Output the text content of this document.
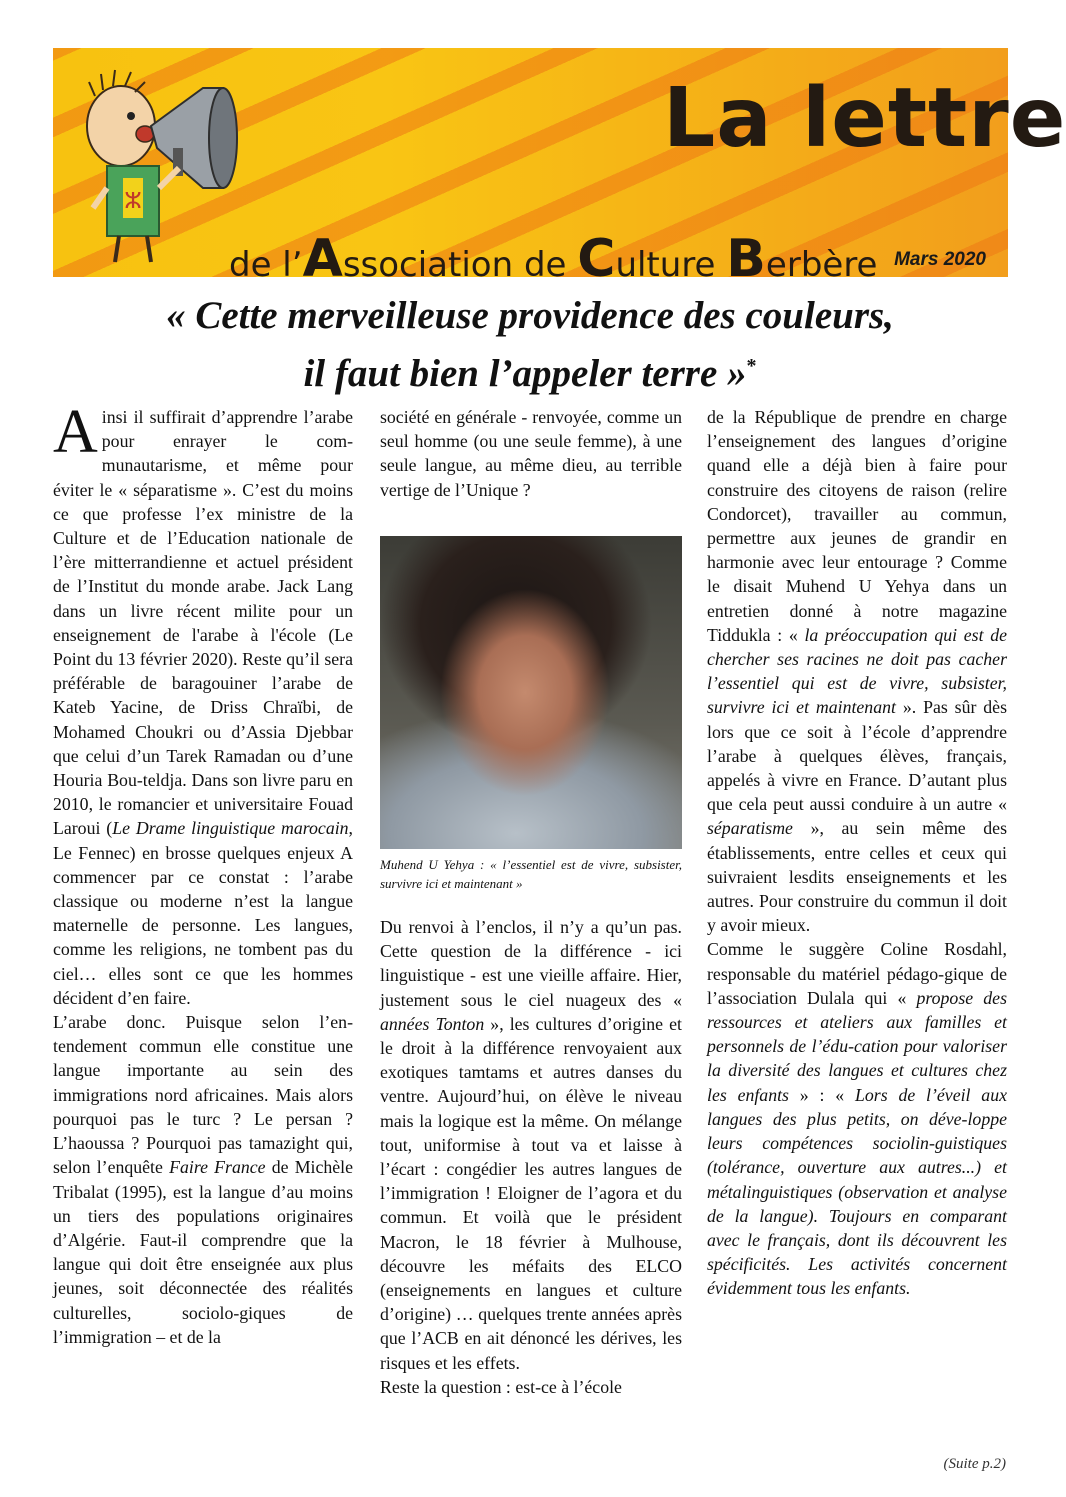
ⵣ
La lettre
de l’Association de Culture Berbère Mars 2020
« Cette merveilleuse providence des couleurs,
il faut bien l’appeler terre »*

Ainsi il suffirait d’apprendre l’arabe pour enrayer le com-munautarisme, et même pour éviter le « séparatisme ». C’est du moins ce que professe l’ex ministre de la Culture et de l’Education nationale de l’ère mitterrandienne et actuel président de l’Institut du monde arabe. Jack Lang dans un livre récent milite pour un enseignement de l'arabe à l'école (Le Point du 13 février 2020). Reste qu’il sera préférable de baragouiner l’arabe de Kateb Yacine, de Driss Chraïbi, de Mohamed Choukri ou d’Assia Djebbar que celui d’un Tarek Ramadan ou d’une Houria Bou-teldja. Dans son livre paru en 2010, le romancier et universitaire Fouad Laroui (Le Drame linguistique marocain, Le Fennec) en brosse quelques enjeux A commencer par ce constat : l’arabe classique ou moderne n’est la langue maternelle de personne. Les langues, comme les religions, ne tombent pas du ciel… elles sont ce que les hommes décident d’en faire.

L’arabe donc. Puisque selon l’en-tendement commun elle constitue une langue importante au sein des immigrations nord africaines. Mais alors pourquoi pas le turc ? Le persan ? L’haoussa ? Pourquoi pas tamazight qui, selon l’enquête Faire France de Michèle Tribalat (1995), est la langue d’au moins un tiers des populations originaires d’Algérie. Faut-il comprendre que la langue qui doit être enseignée aux plus jeunes, soit déconnectée des réalités culturelles, sociolo-giques de l’immigration – et de la

société en générale - renvoyée, comme un seul homme (ou une seule femme), à une seule langue, au même dieu, au terrible vertige de l’Unique ?

Muhend U Yehya : « l’essentiel est de vivre, subsister, survivre ici et maintenant »

Du renvoi à l’enclos, il n’y a qu’un pas. Cette question de la différence - ici linguistique - est une vieille affaire. Hier, justement sous le ciel nuageux des « années Tonton », les cultures d’origine et le droit à la différence renvoyaient aux exotiques tamtams et autres danses du ventre. Aujourd’hui, on élève le niveau mais la logique est la même. On mélange tout, uniformise à tout va et laisse à l’écart : congédier les autres langues de l’immigration ! Eloigner de l’agora et du commun. Et voilà que le président Macron, le 18 février à Mulhouse, découvre les méfaits des ELCO (enseignements en langues et culture d’origine) … quelques trente années après que l’ACB en ait dénoncé les dérives, les risques et les effets.

Reste la question : est-ce à l’école

de la République de prendre en charge l’enseignement des langues d’origine quand elle a déjà bien à faire pour construire des citoyens de raison (relire Condorcet), travailler au commun, permettre aux jeunes de grandir en harmonie avec leur entourage ? Comme le disait Muhend U Yehya dans un entretien donné à notre magazine Tiddukla : « la préoccupation qui est de chercher ses racines ne doit pas cacher l’essentiel qui est de vivre, subsister, survivre ici et maintenant ». Pas sûr dès lors que ce soit à l’école d’apprendre l’arabe à quelques élèves, français, appelés à vivre en France. D’autant plus que cela peut aussi conduire à un autre « séparatisme », au sein même des établissements, entre celles et ceux qui suivraient lesdits enseignements et les autres. Pour construire du commun il doit y avoir mieux.

Comme le suggère Coline Rosdahl, responsable du matériel pédago-gique de l’association Dulala qui « propose des ressources et ateliers aux familles et personnels de l’édu-cation pour valoriser la diversité des langues et cultures chez les enfants » : « Lors de l’éveil aux langues des plus petits, on déve-loppe leurs compétences sociolin-guistiques (tolérance, ouverture aux autres...) et métalinguistiques (observation et analyse de la langue). Toujours en comparant avec le français, dont ils découvrent les spécificités. Les activités concernent évidemment tous les enfants.

(Suite p.2)
